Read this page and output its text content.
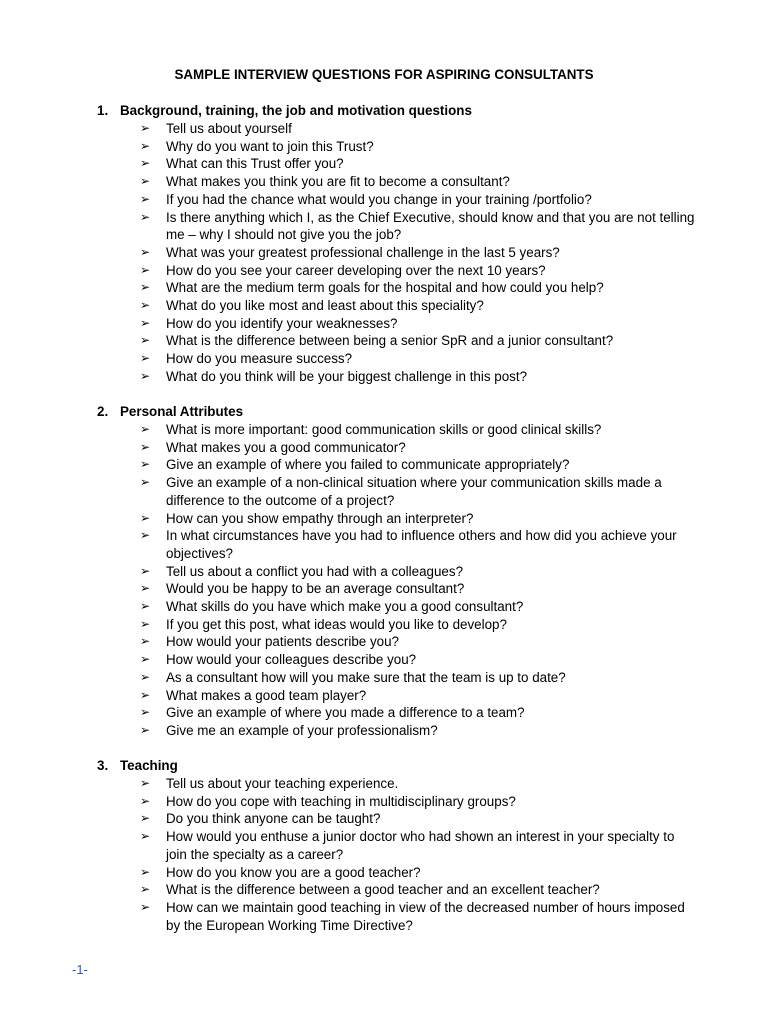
SAMPLE INTERVIEW QUESTIONS FOR ASPIRING CONSULTANTS
1. Background, training, the job and motivation questions
➢ Tell us about yourself
➢ Why do you want to join this Trust?
➢ What can this Trust offer you?
➢ What makes you think you are fit to become a consultant?
➢ If you had the chance what would you change in your training /portfolio?
➢ Is there anything which I, as the Chief Executive, should know and that you are not telling me – why I should not give you the job?
➢ What was your greatest professional challenge in the last 5 years?
➢ How do you see your career developing over the next 10 years?
➢ What are the medium term goals for the hospital and how could you help?
➢ What do you like most and least about this speciality?
➢ How do you identify your weaknesses?
➢ What is the difference between being a senior SpR and a junior consultant?
➢ How do you measure success?
➢ What do you think will be your biggest challenge in this post?
2. Personal Attributes
➢ What is more important: good communication skills or good clinical skills?
➢ What makes you a good communicator?
➢ Give an example of where you failed to communicate appropriately?
➢ Give an example of a non-clinical situation where your communication skills made a difference to the outcome of a project?
➢ How can you show empathy through an interpreter?
➢ In what circumstances have you had to influence others and how did you achieve your objectives?
➢ Tell us about a conflict you had with a colleagues?
➢ Would you be happy to be an average consultant?
➢ What skills do you have which make you a good consultant?
➢ If you get this post, what ideas would you like to develop?
➢ How would your patients describe you?
➢ How would your colleagues describe you?
➢ As a consultant how will you make sure that the team is up to date?
➢ What makes a good team player?
➢ Give an example of where you made a difference to a team?
➢ Give me an example of your professionalism?
3. Teaching
➢ Tell us about your teaching experience.
➢ How do you cope with teaching in multidisciplinary groups?
➢ Do you think anyone can be taught?
➢ How would you enthuse a junior doctor who had shown an interest in your specialty to join the specialty as a career?
➢ How do you know you are a good teacher?
➢ What is the difference between a good teacher and an excellent teacher?
➢ How can we maintain good teaching in view of the decreased number of hours imposed by the European Working Time Directive?
-1-
